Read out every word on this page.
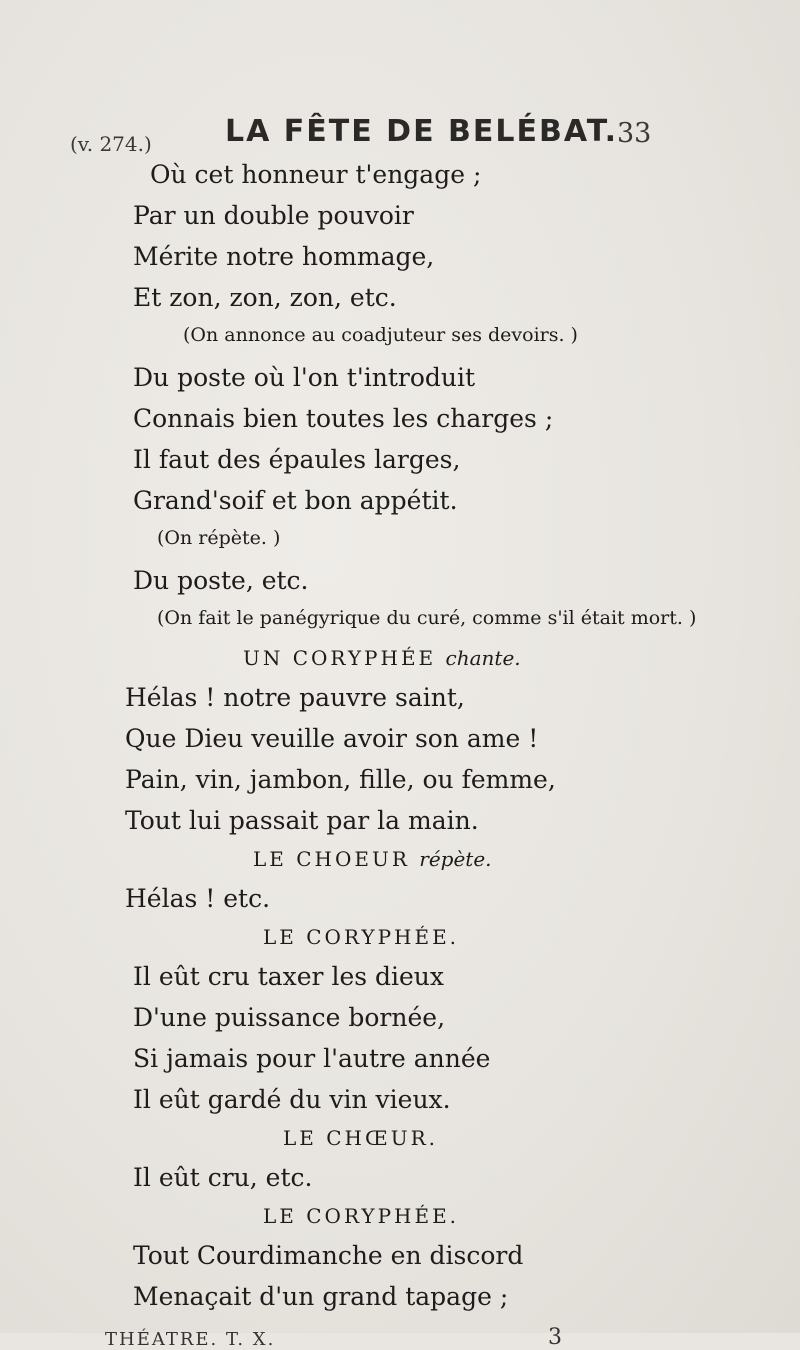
(v. 274.) LA FÊTE DE BELÉBAT.
33
THÉATRE. T. X.	3
Où cet honneur t'engage ;
Par un double pouvoir
Mérite notre hommage,
Et zon, zon, zon, etc.
(On annonce au coadjuteur ses devoirs. )
Du poste où l'on t'introduit
Connais bien toutes les charges ;
Il faut des épaules larges,
Grand'soif et bon appétit.
(On répète. )
Du poste, etc.
(On fait le panégyrique du curé, comme s'il était mort. )
UN CORYPHÉE chante.
Hélas ! notre pauvre saint,
Que Dieu veuille avoir son ame !
Pain, vin, jambon, fille, ou femme,
Tout lui passait par la main.
LE CHOEUR répète.
Hélas ! etc.
LE CORYPHÉE.
Il eût cru taxer les dieux
D'une puissance bornée,
Si jamais pour l'autre année
Il eût gardé du vin vieux.
LE CHŒUR.
Il eût cru, etc.
LE CORYPHÉE.
Tout Courdimanche en discord
Menaçait d'un grand tapage ;
